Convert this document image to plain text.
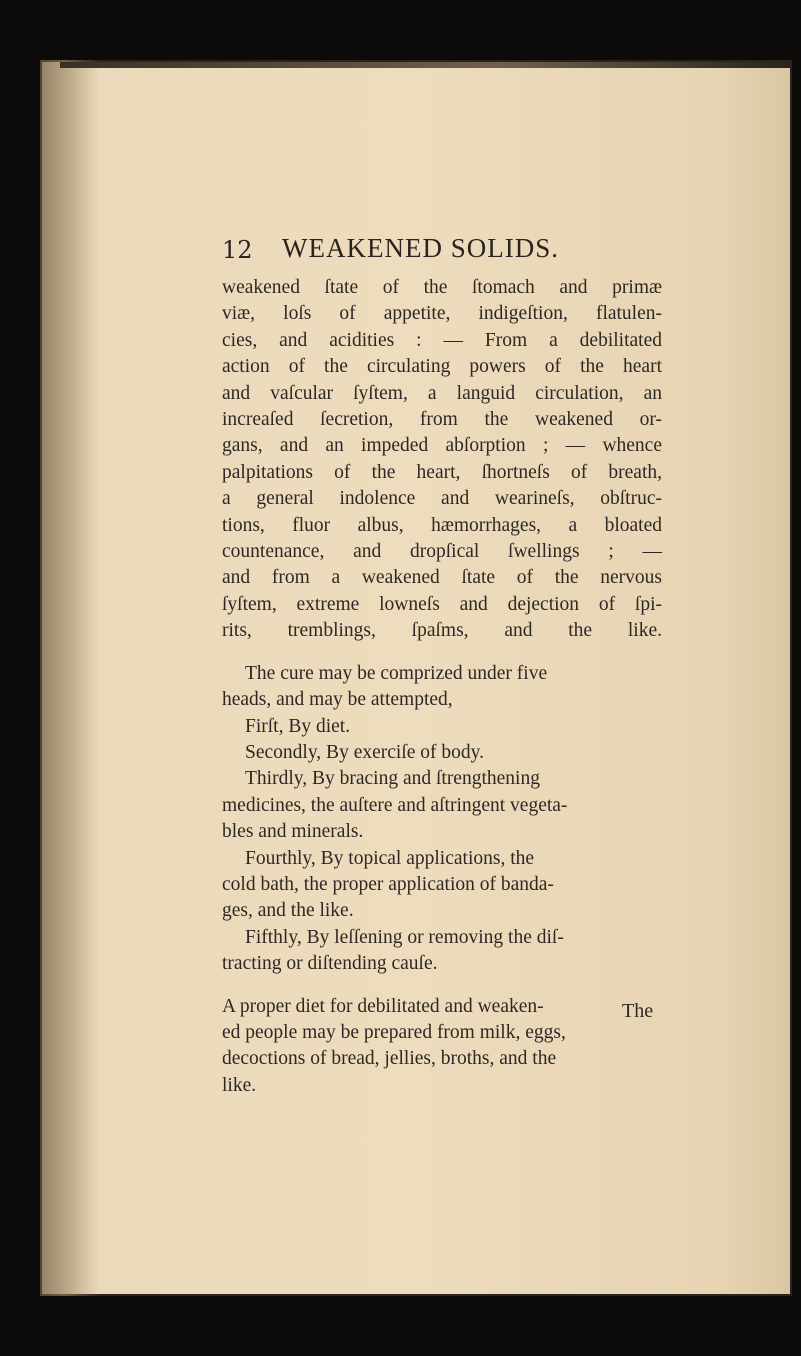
12 WEAKENED SOLIDS.
weakened ſtate of the ſtomach and primæ
viæ, loſs of appetite, indigeſtion, flatulen-
cies, and acidities : — From a debilitated
action of the circulating powers of the heart
and vaſcular ſyſtem, a languid circulation, an
increaſed ſecretion, from the weakened or-
gans, and an impeded abſorption ; — whence
palpitations of the heart, ſhortneſs of breath,
a general indolence and wearineſs, obſtruc-
tions, fluor albus, hæmorrhages, a bloated
countenance, and dropſical ſwellings ; —
and from a weakened ſtate of the nervous
ſyſtem, extreme lowneſs and dejection of ſpi-
rits, tremblings, ſpaſms, and the like.
The cure may be comprized under five
heads, and may be attempted,
Firſt, By diet.
Secondly, By exerciſe of body.
Thirdly, By bracing and ſtrengthening
medicines, the auſtere and aſtringent vegeta-
bles and minerals.
Fourthly, By topical applications, the
cold bath, the proper application of banda-
ges, and the like.
Fifthly, By leſſening or removing the diſ-
tracting or diſtending cauſe.
A proper diet for debilitated and weaken-
ed people may be prepared from milk, eggs,
decoctions of bread, jellies, broths, and the
like.
The
